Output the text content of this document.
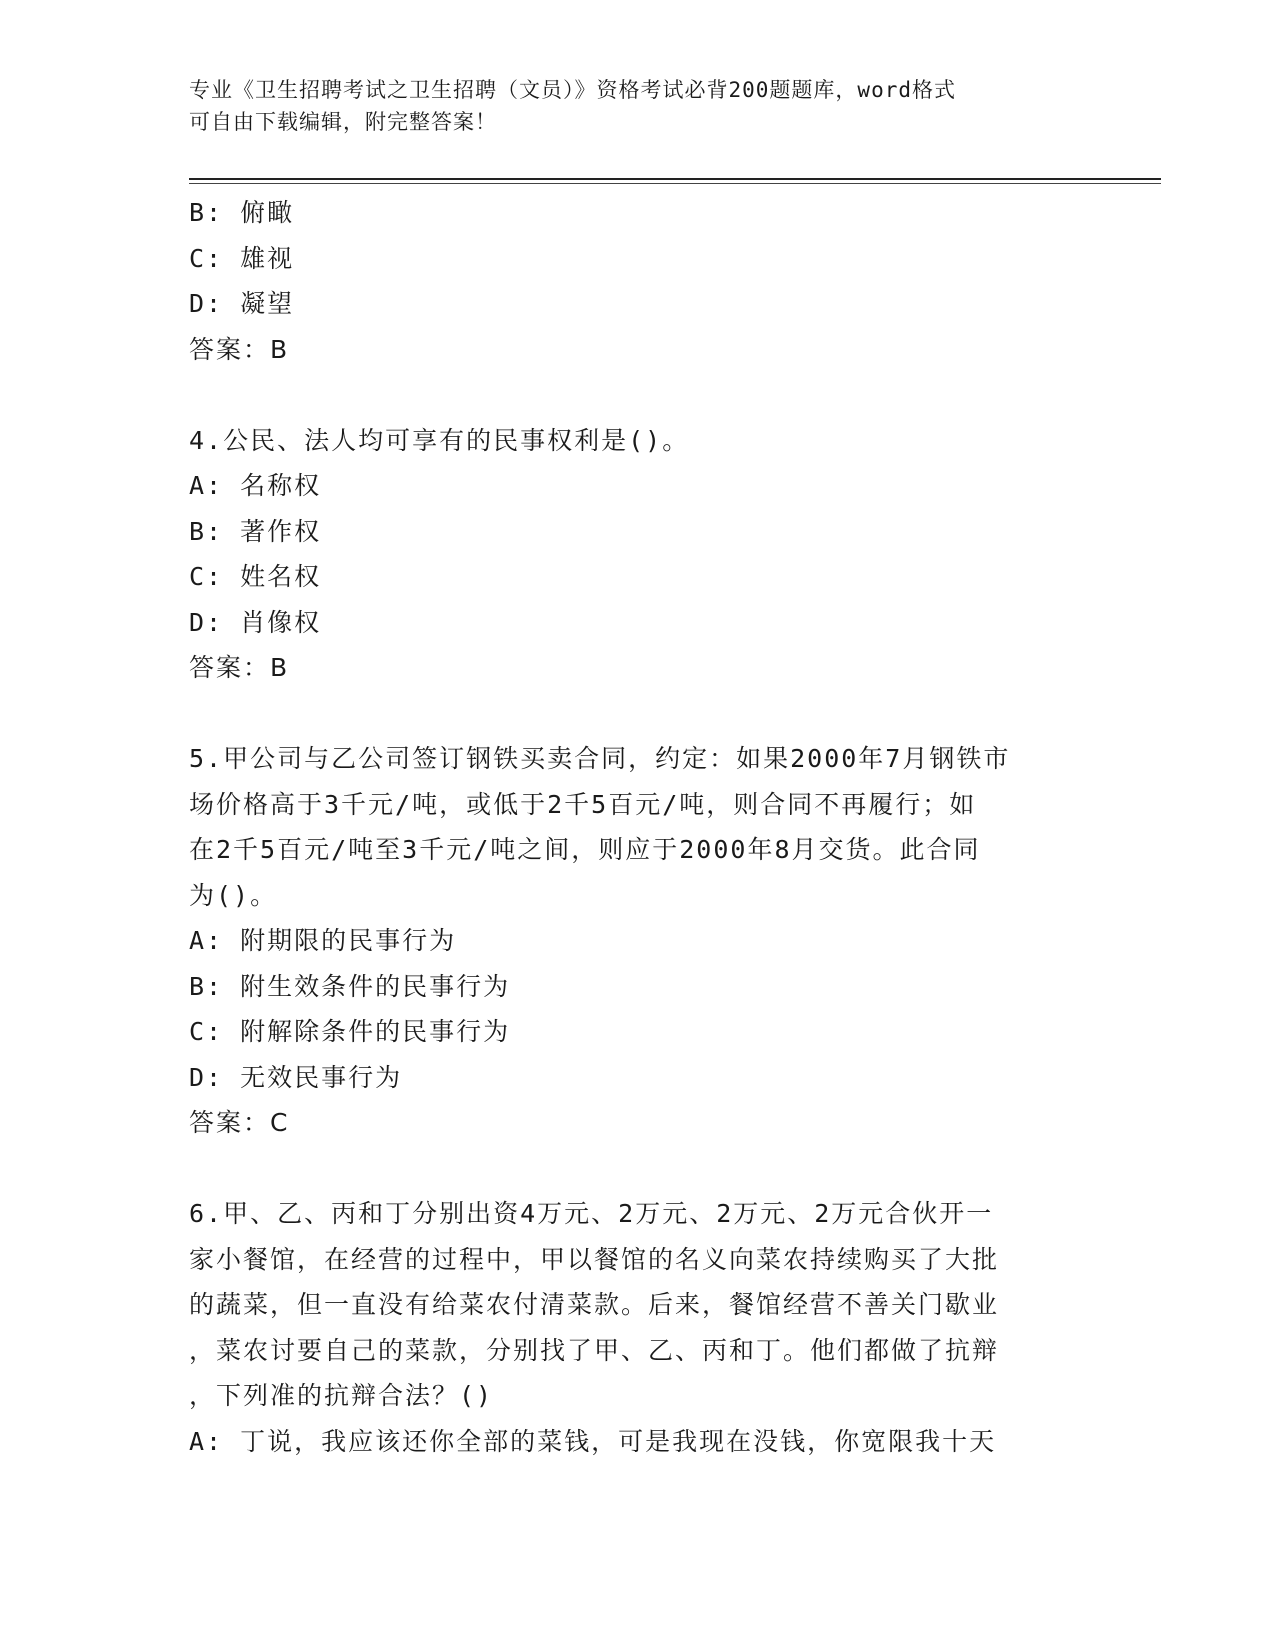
专业《卫生招聘考试之卫生招聘（文员）》资格考试必背200题题库，word格式
可自由下载编辑，附完整答案！
B: 俯瞰
C: 雄视
D: 凝望
答案：B
4.公民、法人均可享有的民事权利是()。
A: 名称权
B: 著作权
C: 姓名权
D: 肖像权
答案：B
5.甲公司与乙公司签订钢铁买卖合同，约定：如果2000年7月钢铁市
场价格高于3千元/吨，或低于2千5百元/吨，则合同不再履行；如
在2千5百元/吨至3千元/吨之间，则应于2000年8月交货。此合同
为()。
A: 附期限的民事行为
B: 附生效条件的民事行为
C: 附解除条件的民事行为
D: 无效民事行为
答案：C
6.甲、乙、丙和丁分别出资4万元、2万元、2万元、2万元合伙开一
家小餐馆，在经营的过程中，甲以餐馆的名义向菜农持续购买了大批
的蔬菜，但一直没有给菜农付清菜款。后来，餐馆经营不善关门歇业
，菜农讨要自己的菜款，分别找了甲、乙、丙和丁。他们都做了抗辩
，下列准的抗辩合法？()
A: 丁说，我应该还你全部的菜钱，可是我现在没钱，你宽限我十天
